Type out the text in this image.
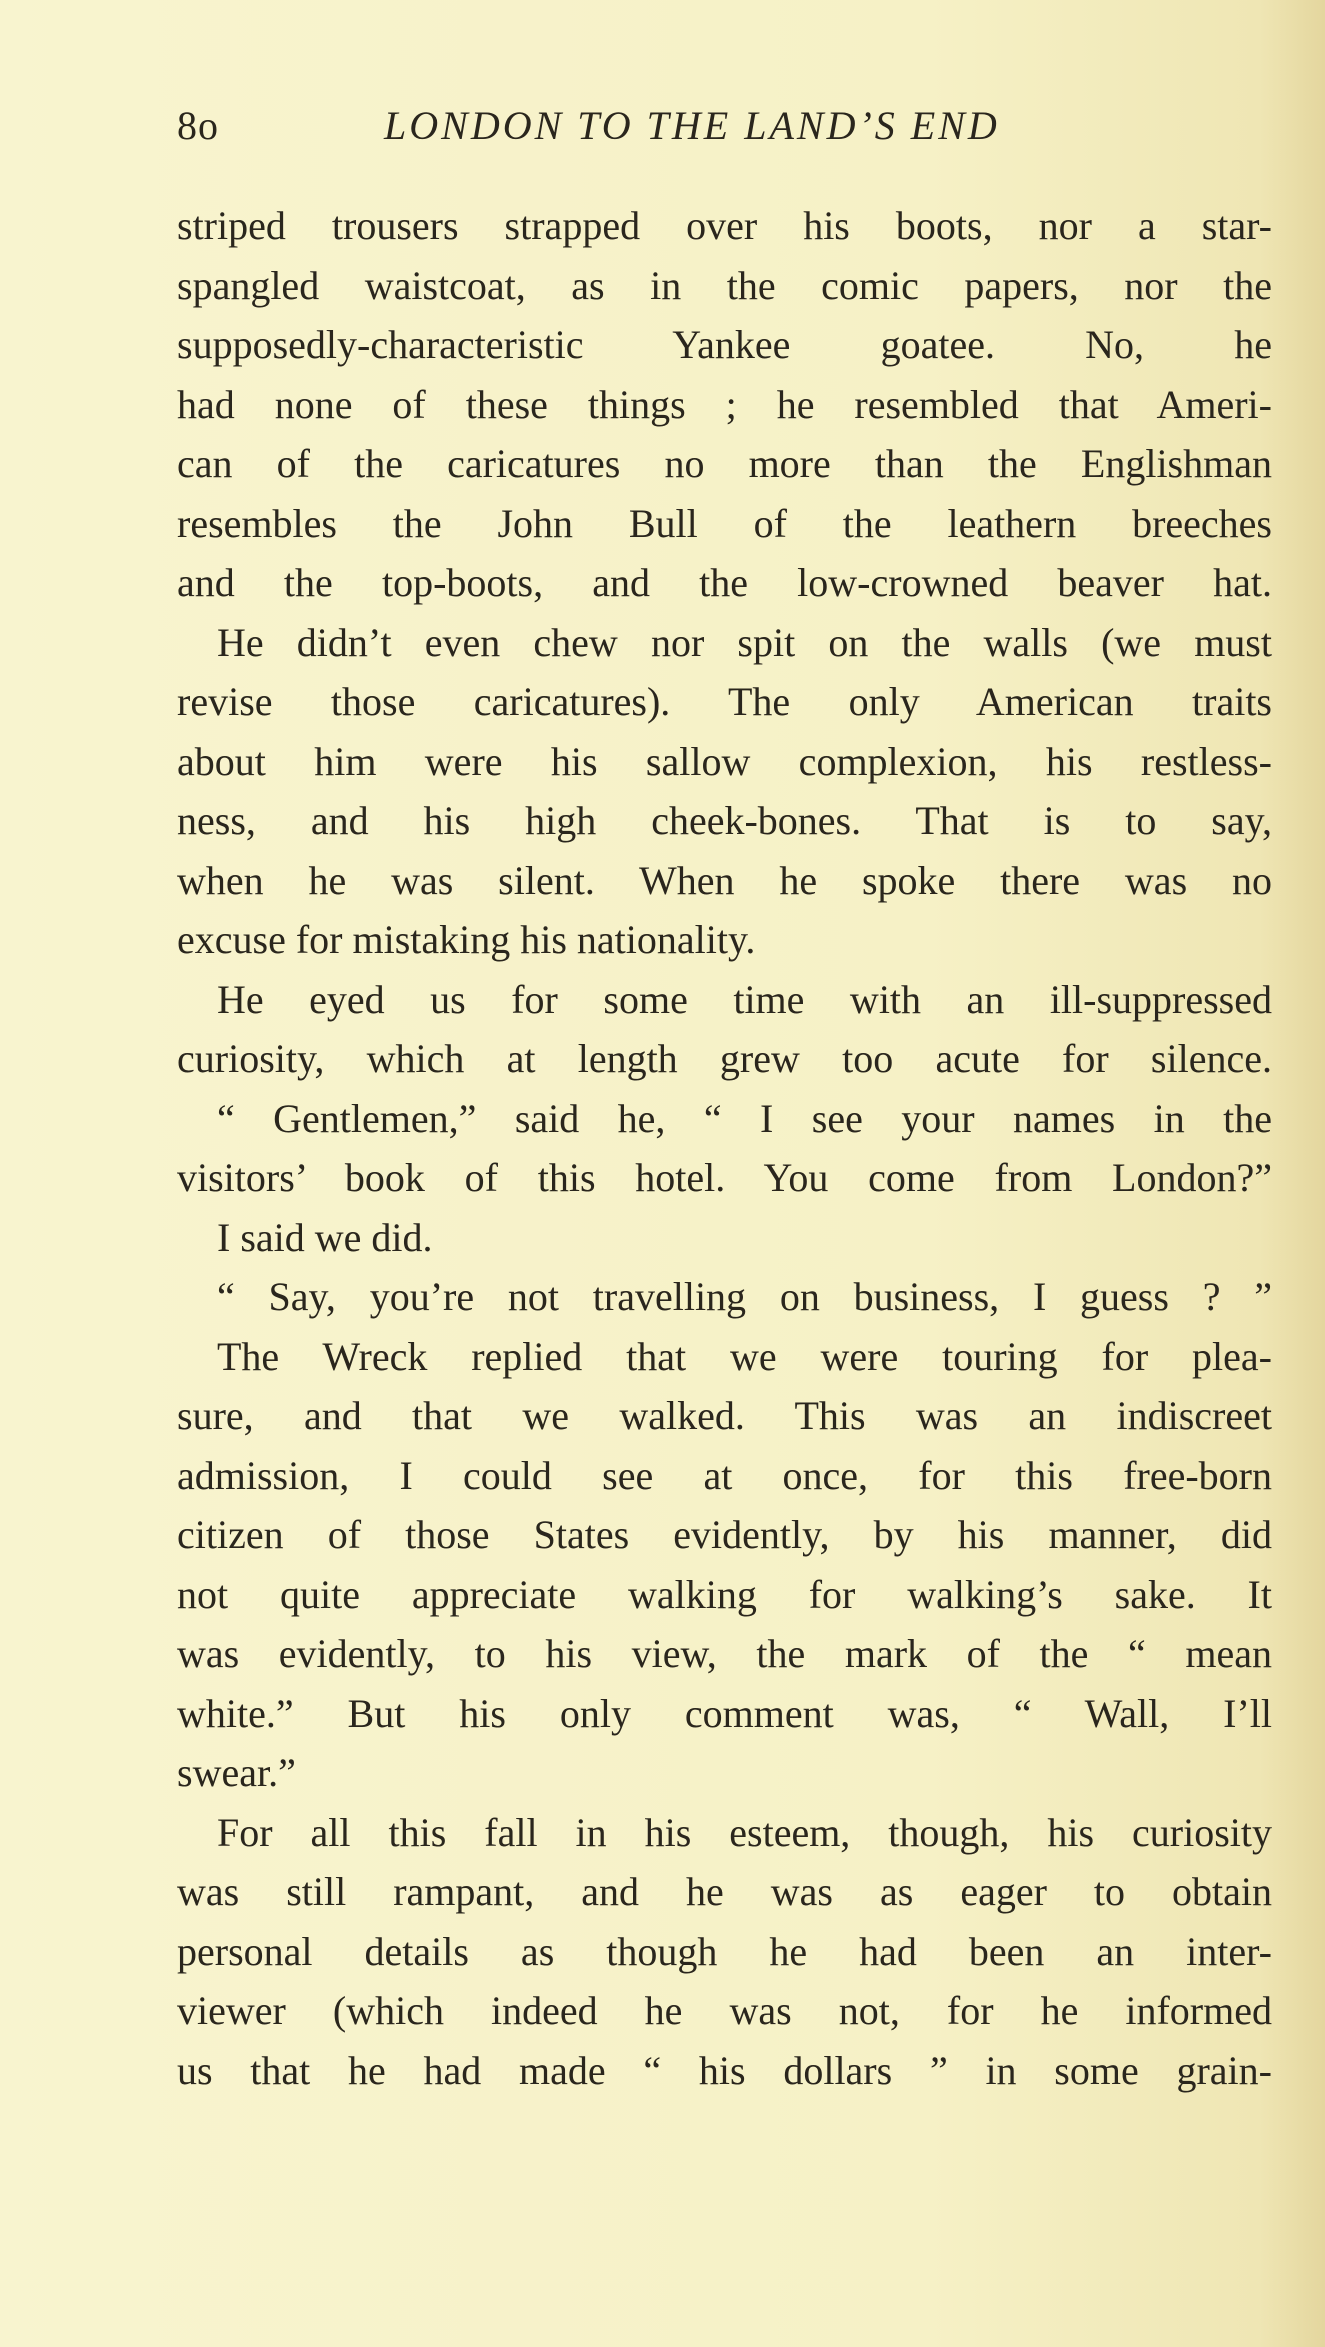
8o	LONDON TO THE LAND’S END
striped trousers strapped over his boots, nor a star-
spangled waistcoat, as in the comic papers, nor the
supposedly-characteristic Yankee goatee. No, he
had none of these things ; he resembled that Ameri-
can of the caricatures no more than the Englishman
resembles the John Bull of the leathern breeches
and the top-boots, and the low-crowned beaver hat.
He didn’t even chew nor spit on the walls (we must
revise those caricatures). The only American traits
about him were his sallow complexion, his restless-
ness, and his high cheek-bones. That is to say,
when he was silent. When he spoke there was no
excuse for mistaking his nationality.
He eyed us for some time with an ill-suppressed
curiosity, which at length grew too acute for silence.
“ Gentlemen,” said he, “ I see your names in the
visitors’ book of this hotel. You come from London?”
I said we did.
“ Say, you’re not travelling on business, I guess ? ”
The Wreck replied that we were touring for plea-
sure, and that we walked. This was an indiscreet
admission, I could see at once, for this free-born
citizen of those States evidently, by his manner, did
not quite appreciate walking for walking’s sake. It
was evidently, to his view, the mark of the “ mean
white.” But his only comment was, “ Wall, I’ll
swear.”
For all this fall in his esteem, though, his curiosity
was still rampant, and he was as eager to obtain
personal details as though he had been an inter-
viewer (which indeed he was not, for he informed
us that he had made “ his dollars ” in some grain-
